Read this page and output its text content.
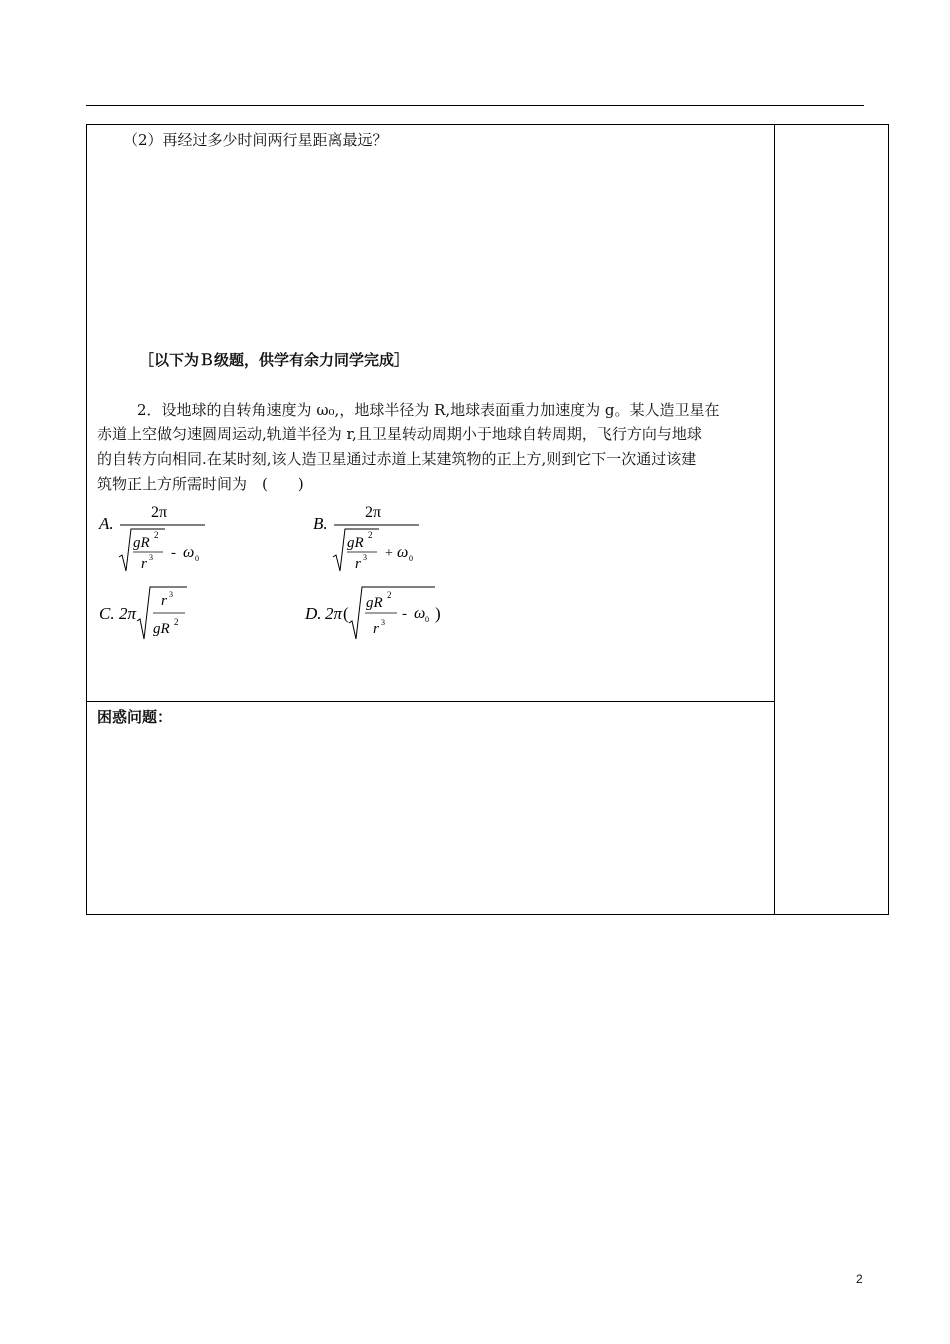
（2）再经过多少时间两行星距离最远？
［以下为Ｂ级题，供学有余力同学完成］
2．设地球的自转角速度为 ω₀,，地球半径为 R,地球表面重力加速度为 g。某人造卫星在
赤道上空做匀速圆周运动,轨道半径为 r,且卫星转动周期小于地球自转周期，飞行方向与地球
的自转方向相同.在某时刻,该人造卫星通过赤道上某建筑物的正上方,则到它下一次通过该建
筑物正上方所需时间为　(　　)
A.
2π
gR 2
r 3 - ω 0
B.
2π
gR 2
r 3 + ω 0
C. 2π
r 3
gR 2	D. 2π (
gR 2
r 3
- ω 0 )
困惑问题：
2
